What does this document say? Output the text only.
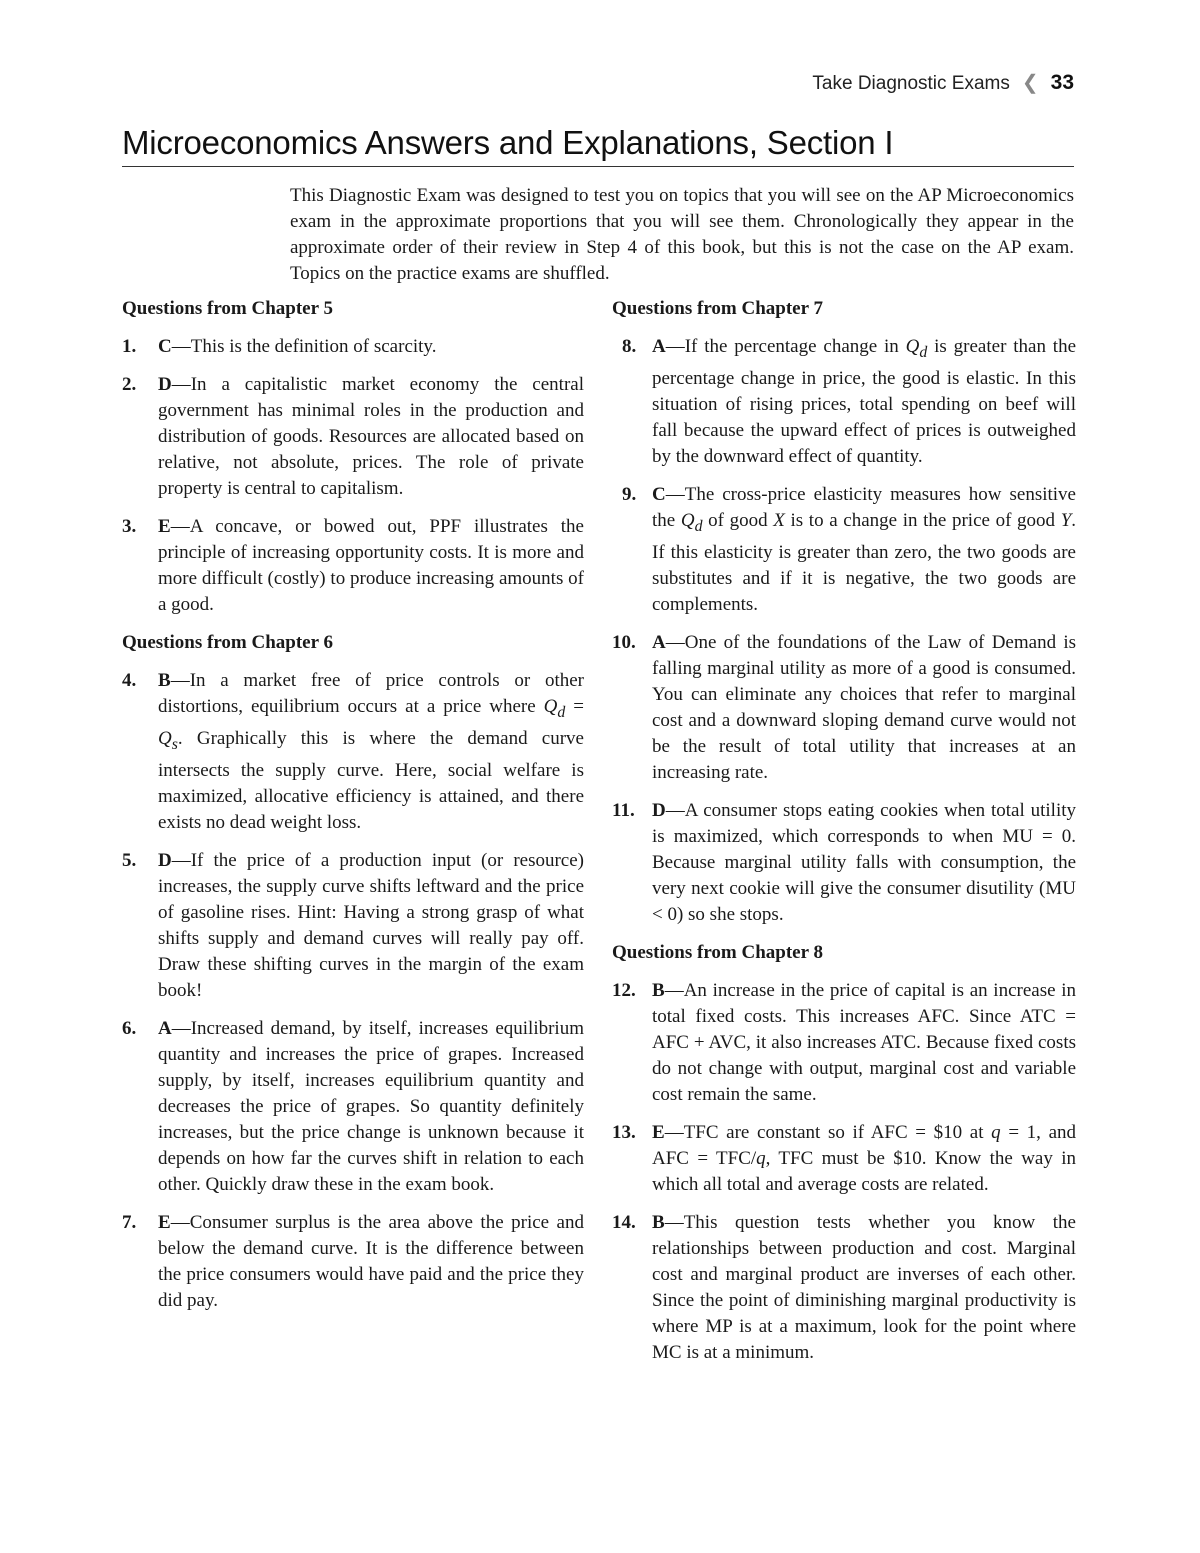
Take Diagnostic Exams ❮ 33
Microeconomics Answers and Explanations, Section I

This Diagnostic Exam was designed to test you on topics that you will see on the AP Microeconomics exam in the approximate proportions that you will see them. Chronologically they appear in the approximate order of their review in Step 4 of this book, but this is not the case on the AP exam. Topics on the practice exams are shuffled.

Questions from Chapter 5

1. C—This is the definition of scarcity.

2. D—In a capitalistic market economy the central government has minimal roles in the production and distribution of goods. Resources are allocated based on relative, not absolute, prices. The role of private property is central to capitalism.

3. E—A concave, or bowed out, PPF illustrates the principle of increasing opportunity costs. It is more and more difficult (costly) to produce increasing amounts of a good.

Questions from Chapter 6

4. B—In a market free of price controls or other distortions, equilibrium occurs at a price where $Q_d = Q_s$. Graphically this is where the demand curve intersects the supply curve. Here, social welfare is maximized, allocative efficiency is attained, and there exists no dead weight loss.

5. D—If the price of a production input (or resource) increases, the supply curve shifts leftward and the price of gasoline rises. Hint: Having a strong grasp of what shifts supply and demand curves will really pay off. Draw these shifting curves in the margin of the exam book!

6. A—Increased demand, by itself, increases equilibrium quantity and increases the price of grapes. Increased supply, by itself, increases equilibrium quantity and decreases the price of grapes. So quantity definitely increases, but the price change is unknown because it depends on how far the curves shift in relation to each other. Quickly draw these in the exam book.

7. E—Consumer surplus is the area above the price and below the demand curve. It is the difference between the price consumers would have paid and the price they did pay.

Questions from Chapter 7

8. A—If the percentage change in $Q_d$ is greater than the percentage change in price, the good is elastic. In this situation of rising prices, total spending on beef will fall because the upward effect of prices is outweighed by the downward effect of quantity.

9. C—The cross-price elasticity measures how sensitive the $Q_d$ of good X is to a change in the price of good Y. If this elasticity is greater than zero, the two goods are substitutes and if it is negative, the two goods are complements.

10. A—One of the foundations of the Law of Demand is falling marginal utility as more of a good is consumed. You can eliminate any choices that refer to marginal cost and a downward sloping demand curve would not be the result of total utility that increases at an increasing rate.

11. D—A consumer stops eating cookies when total utility is maximized, which corresponds to when MU = 0. Because marginal utility falls with consumption, the very next cookie will give the consumer disutility (MU < 0) so she stops.

Questions from Chapter 8

12. B—An increase in the price of capital is an increase in total fixed costs. This increases AFC. Since ATC = AFC + AVC, it also increases ATC. Because fixed costs do not change with output, marginal cost and variable cost remain the same.

13. E—TFC are constant so if AFC = $10 at q = 1, and AFC = TFC/q, TFC must be $10. Know the way in which all total and average costs are related.

14. B—This question tests whether you know the relationships between production and cost. Marginal cost and marginal product are inverses of each other. Since the point of diminishing marginal productivity is where MP is at a maximum, look for the point where MC is at a minimum.
